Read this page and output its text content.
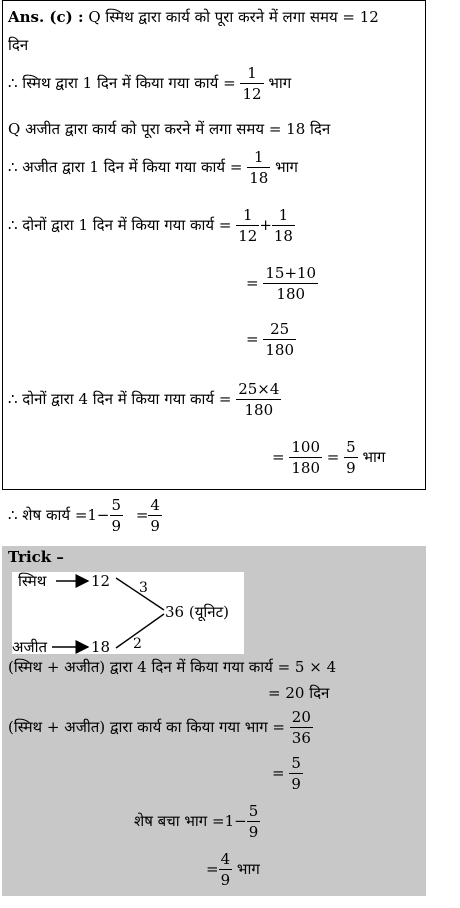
Ans. (c) : Q स्मिथ द्वारा कार्य को पूरा करने में लगा समय = 12
दिन
∴ स्मिथ द्वारा 1 दिन में किया गया कार्य = $\frac{1}{12}$ भाग
Q अजीत द्वारा कार्य को पूरा करने में लगा समय = 18 दिन
∴ अजीत द्वारा 1 दिन में किया गया कार्य = $\frac{1}{18}$ भाग
∴ दोनों द्वारा 1 दिन में किया गया कार्य = $\frac{1}{12} + \frac{1}{18}$
= $\frac{15+10}{180}$
= $\frac{25}{180}$
∴ दोनों द्वारा 4 दिन में किया गया कार्य = $\frac{25\times 4}{180}$
= $\frac{100}{180} = \frac{5}{9}$ भाग
∴ शेष कार्य $=1- \frac{5}{9} = \frac{4}{9}$
Trick –
स्मिथ	12
अजीत	18
3
2
36 (यूनिट)
(स्मिथ + अजीत) द्वारा 4 दिन में किया गया कार्य = 5 × 4
= 20 दिन
(स्मिथ + अजीत) द्वारा कार्य का किया गया भाग = $\frac{20}{36}$
= $\frac{5}{9}$
शेष बचा भाग $=1- \frac{5}{9}$
= $\frac{4}{9}$ भाग
